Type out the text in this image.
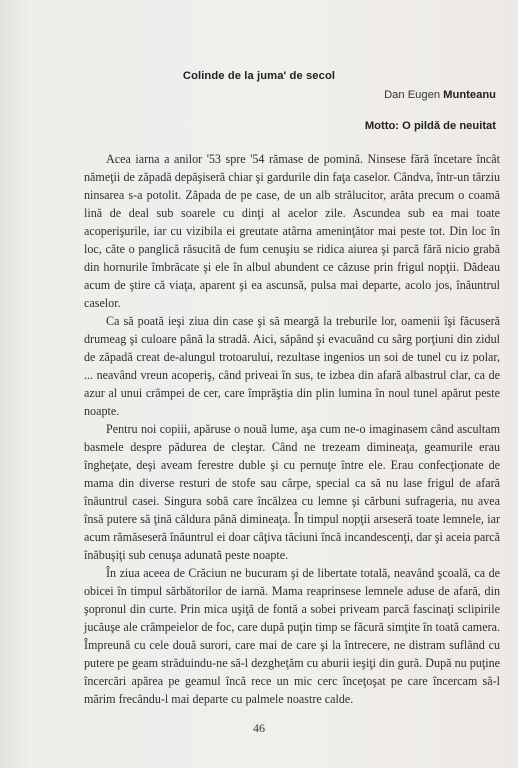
Colinde de la juma' de secol
Dan Eugen Munteanu
Motto: O pildă de neuitat

Acea iarna a anilor '53 spre '54 rămase de pomină. Ninsese fără încetare încât nămeţii de zăpadă depăşiseră chiar şi gardurile din faţa caselor. Cândva, într-un târziu ninsarea s-a potolit. Zăpada de pe case, de un alb strălucitor, arăta precum o coamă lină de deal sub soarele cu dinţi al acelor zile. Ascundea sub ea mai toate acoperişurile, iar cu vizibila ei greutate atârna ameninţător mai peste tot. Din loc în loc, câte o panglică răsucită de fum cenuşiu se ridica aiurea şi parcă fără nicio grabă din hornurile îmbrăcate şi ele în albul abundent ce căzuse prin frigul nopţii. Dădeau acum de ştire că viaţa, aparent şi ea ascunsă, pulsa mai departe, acolo jos, înăuntrul caselor.

Ca să poată ieşi ziua din case şi să meargă la treburile lor, oamenii îşi făcuseră drumeag şi culoare până la stradă. Aici, săpând şi evacuând cu sârg porţiuni din zidul de zăpadă creat de-alungul trotoarului, rezultase ingenios un soi de tunel cu iz polar, ... neavând vreun acoperiş, când priveai în sus, te izbea din afară albastrul clar, ca de azur al unui crâmpei de cer, care împrăştia din plin lumina în noul tunel apărut peste noapte.

Pentru noi copiii, apăruse o nouă lume, aşa cum ne-o imaginasem când ascultam basmele despre pădurea de cleştar. Când ne trezeam dimineaţa, geamurile erau îngheţate, deşi aveam ferestre duble şi cu pernuţe între ele. Erau confecţionate de mama din diverse resturi de stofe sau cârpe, special ca să nu lase frigul de afară înăuntrul casei. Singura sobă care încălzea cu lemne şi cărbuni sufrageria, nu avea însă putere să ţină căldura până dimineaţa. În timpul nopţii arseseră toate lemnele, iar acum rămăseseră înăuntrul ei doar câţiva tăciuni încă incandescenţi, dar şi aceia parcă înăbuşiţi sub cenuşa adunată peste noapte.

În ziua aceea de Crăciun ne bucuram şi de libertate totală, neavând şcoală, ca de obicei în timpul sărbătorilor de iarnă. Mama reaprinsese lemnele aduse de afară, din şopronul din curte. Prin mica uşiţă de fontă a sobei priveam parcă fascinaţi sclipirile jucăuşe ale crâmpeielor de foc, care după puţin timp se făcură simţite în toată camera. Împreună cu cele două surori, care mai de care şi la întrecere, ne distram suflând cu putere pe geam străduindu-ne să-l dezgheţăm cu aburii ieşiţi din gură. După nu puţine încercări apărea pe geamul încă rece un mic cerc înceţoşat pe care încercam să-l mărim frecându-l mai departe cu palmele noastre calde.

46
